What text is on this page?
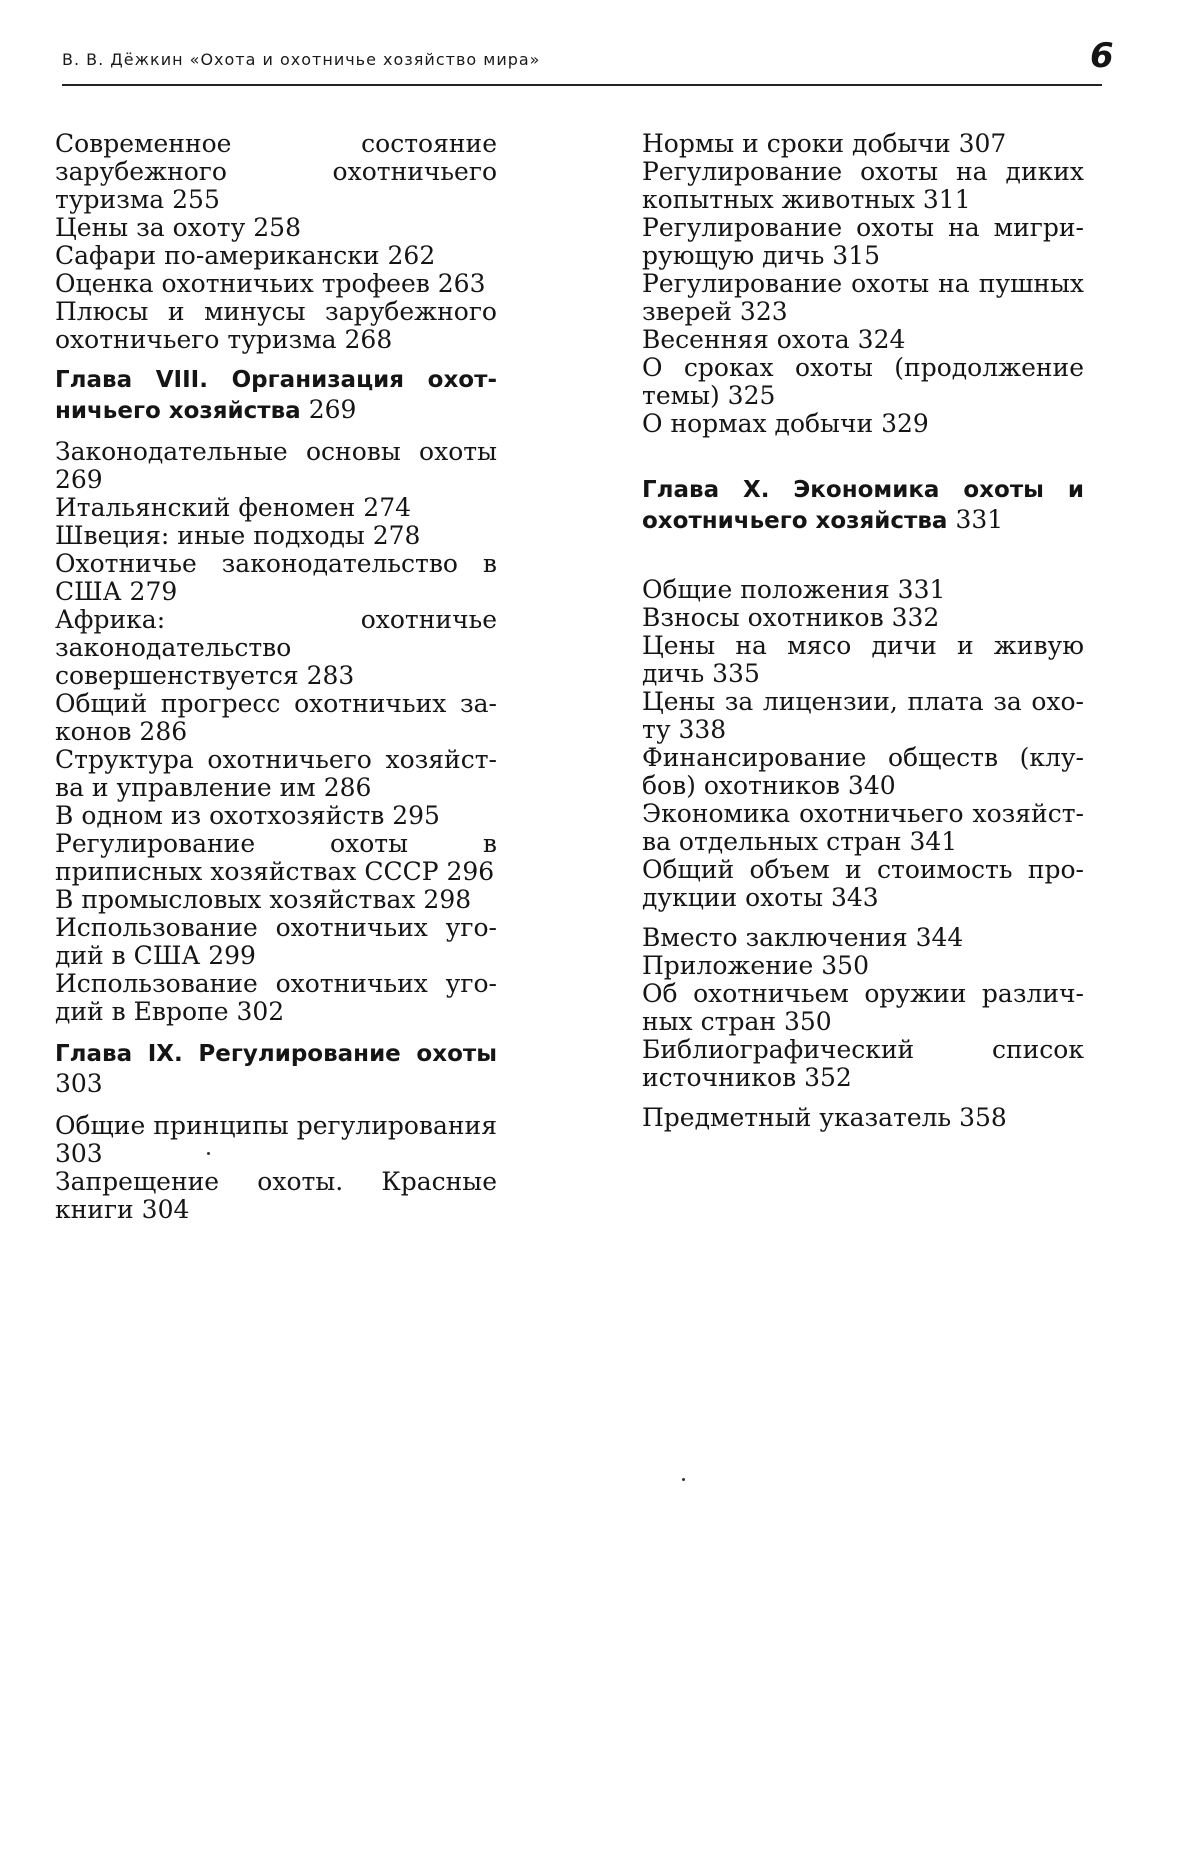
В. В. Дёжкин «Охота и охотничье хозяйство мира»	6
Современное состояние зарубежного охотничьего туризма 255
Цены за охоту 258
Сафари по-американски 262
Оценка охотничьих трофеев 263
Плюсы и минусы зарубежного охотничьего туризма 268
Глава VIII. Организация охотничьего хозяйства 269
Законодательные основы охоты 269
Итальянский феномен 274
Швеция: иные подходы 278
Охотничье законодательство в США 279
Африка: охотничье законодательство совершенствуется 283
Общий прогресс охотничьих законов 286
Структура охотничьего хозяйства и управление им 286
В одном из охотхозяйств 295
Регулирование охоты в приписных хозяйствах СССР 296
В промысловых хозяйствах 298
Использование охотничьих угодий в США 299
Использование охотничьих угодий в Европе 302
Глава IX. Регулирование охоты 303
Общие принципы регулирования 303
Запрещение охоты. Красные книги 304
Нормы и сроки добычи 307
Регулирование охоты на диких копытных животных 311
Регулирование охоты на мигрирующую дичь 315
Регулирование охоты на пушных зверей 323
Весенняя охота 324
О сроках охоты (продолжение темы) 325
О нормах добычи 329
Глава X. Экономика охоты и охотничьего хозяйства 331
Общие положения 331
Взносы охотников 332
Цены на мясо дичи и живую дичь 335
Цены за лицензии, плата за охоту 338
Финансирование обществ (клубов) охотников 340
Экономика охотничьего хозяйства отдельных стран 341
Общий объем и стоимость продукции охоты 343
Вместо заключения 344
Приложение 350
Об охотничьем оружии различных стран 350
Библиографический список источников 352
Предметный указатель 358
